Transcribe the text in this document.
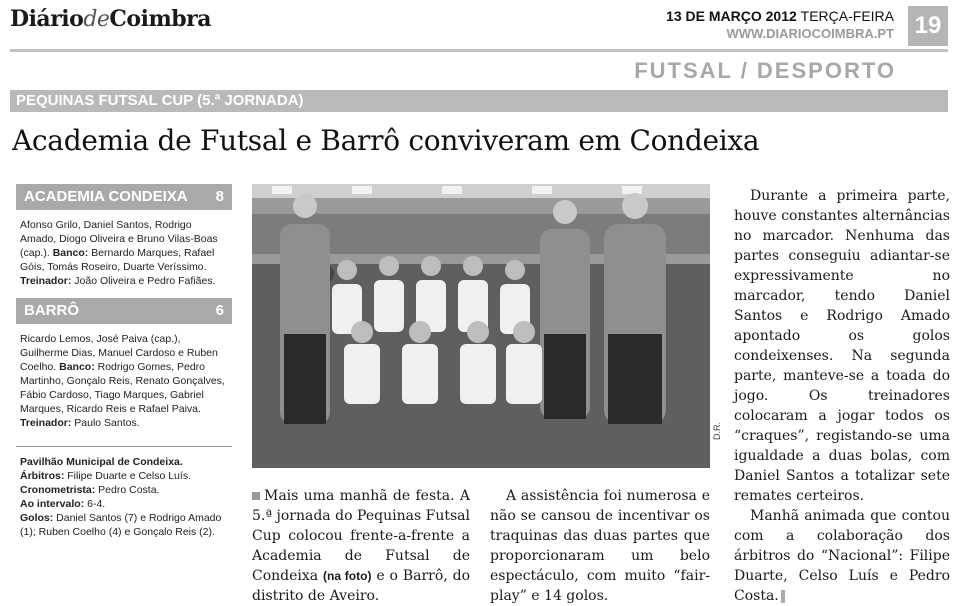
DiáriodeCoimbra	13 DE MARÇO 2012 TERÇA-FEIRA
WWW.DIARIOCOIMBRA.PT 19
FUTSAL / DESPORTO
PEQUINAS FUTSAL CUP (5.ª JORNADA)
Academia de Futsal e Barrô conviveram em Condeixa
ACADEMIA CONDEIXA 8
Afonso Grilo, Daniel Santos, Rodrigo Amado, Diogo Oliveira e Bruno Vilas-Boas (cap.). Banco: Bernardo Marques, Rafael Góis, Tomás Roseiro, Duarte Veríssimo. Treinador: João Oliveira e Pedro Fafiães.
BARRÔ	6
Ricardo Lemos, José Paiva (cap.), Guilherme Dias, Manuel Cardoso e Ruben Coelho. Banco: Rodrigo Gomes, Pedro Martinho, Gonçalo Reis, Renato Gonçalves, Fábio Cardoso, Tiago Marques, Gabriel Marques, Ricardo Reis e Rafael Paiva. Treinador: Paulo Santos.
Pavilhão Municipal de Condeixa.
Árbitros: Filipe Duarte e Celso Luís.
Cronometrista: Pedro Costa.
Ao intervalo: 6-4.
Golos: Daniel Santos (7) e Rodrigo Amado (1); Ruben Coelho (4) e Gonçalo Reis (2).
D.R.

Mais uma manhã de festa. A 5.ª jornada do Pequinas Futsal Cup colocou frente-a-frente a Academia de Futsal de Condeixa (na foto) e o Barrô, do distrito de Aveiro.

A assistência foi numerosa e não se cansou de incentivar os traquinas das duas partes que proporcionaram um belo espectáculo, com muito “fair-play” e 14 golos.

Durante a primeira parte, houve constantes alternâncias no marcador. Nenhuma das partes conseguiu adiantar-se expressivamente no marcador, tendo Daniel Santos e Rodrigo Amado apontado os golos condeixenses. Na segunda parte, manteve-se a toada do jogo. Os treinadores colocaram a jogar todos os “craques”, registando-se uma igualdade a duas bolas, com Daniel Santos a totalizar sete remates certeiros.

Manhã animada que contou com a colaboração dos árbitros do “Nacional”: Filipe Duarte, Celso Luís e Pedro Costa.
